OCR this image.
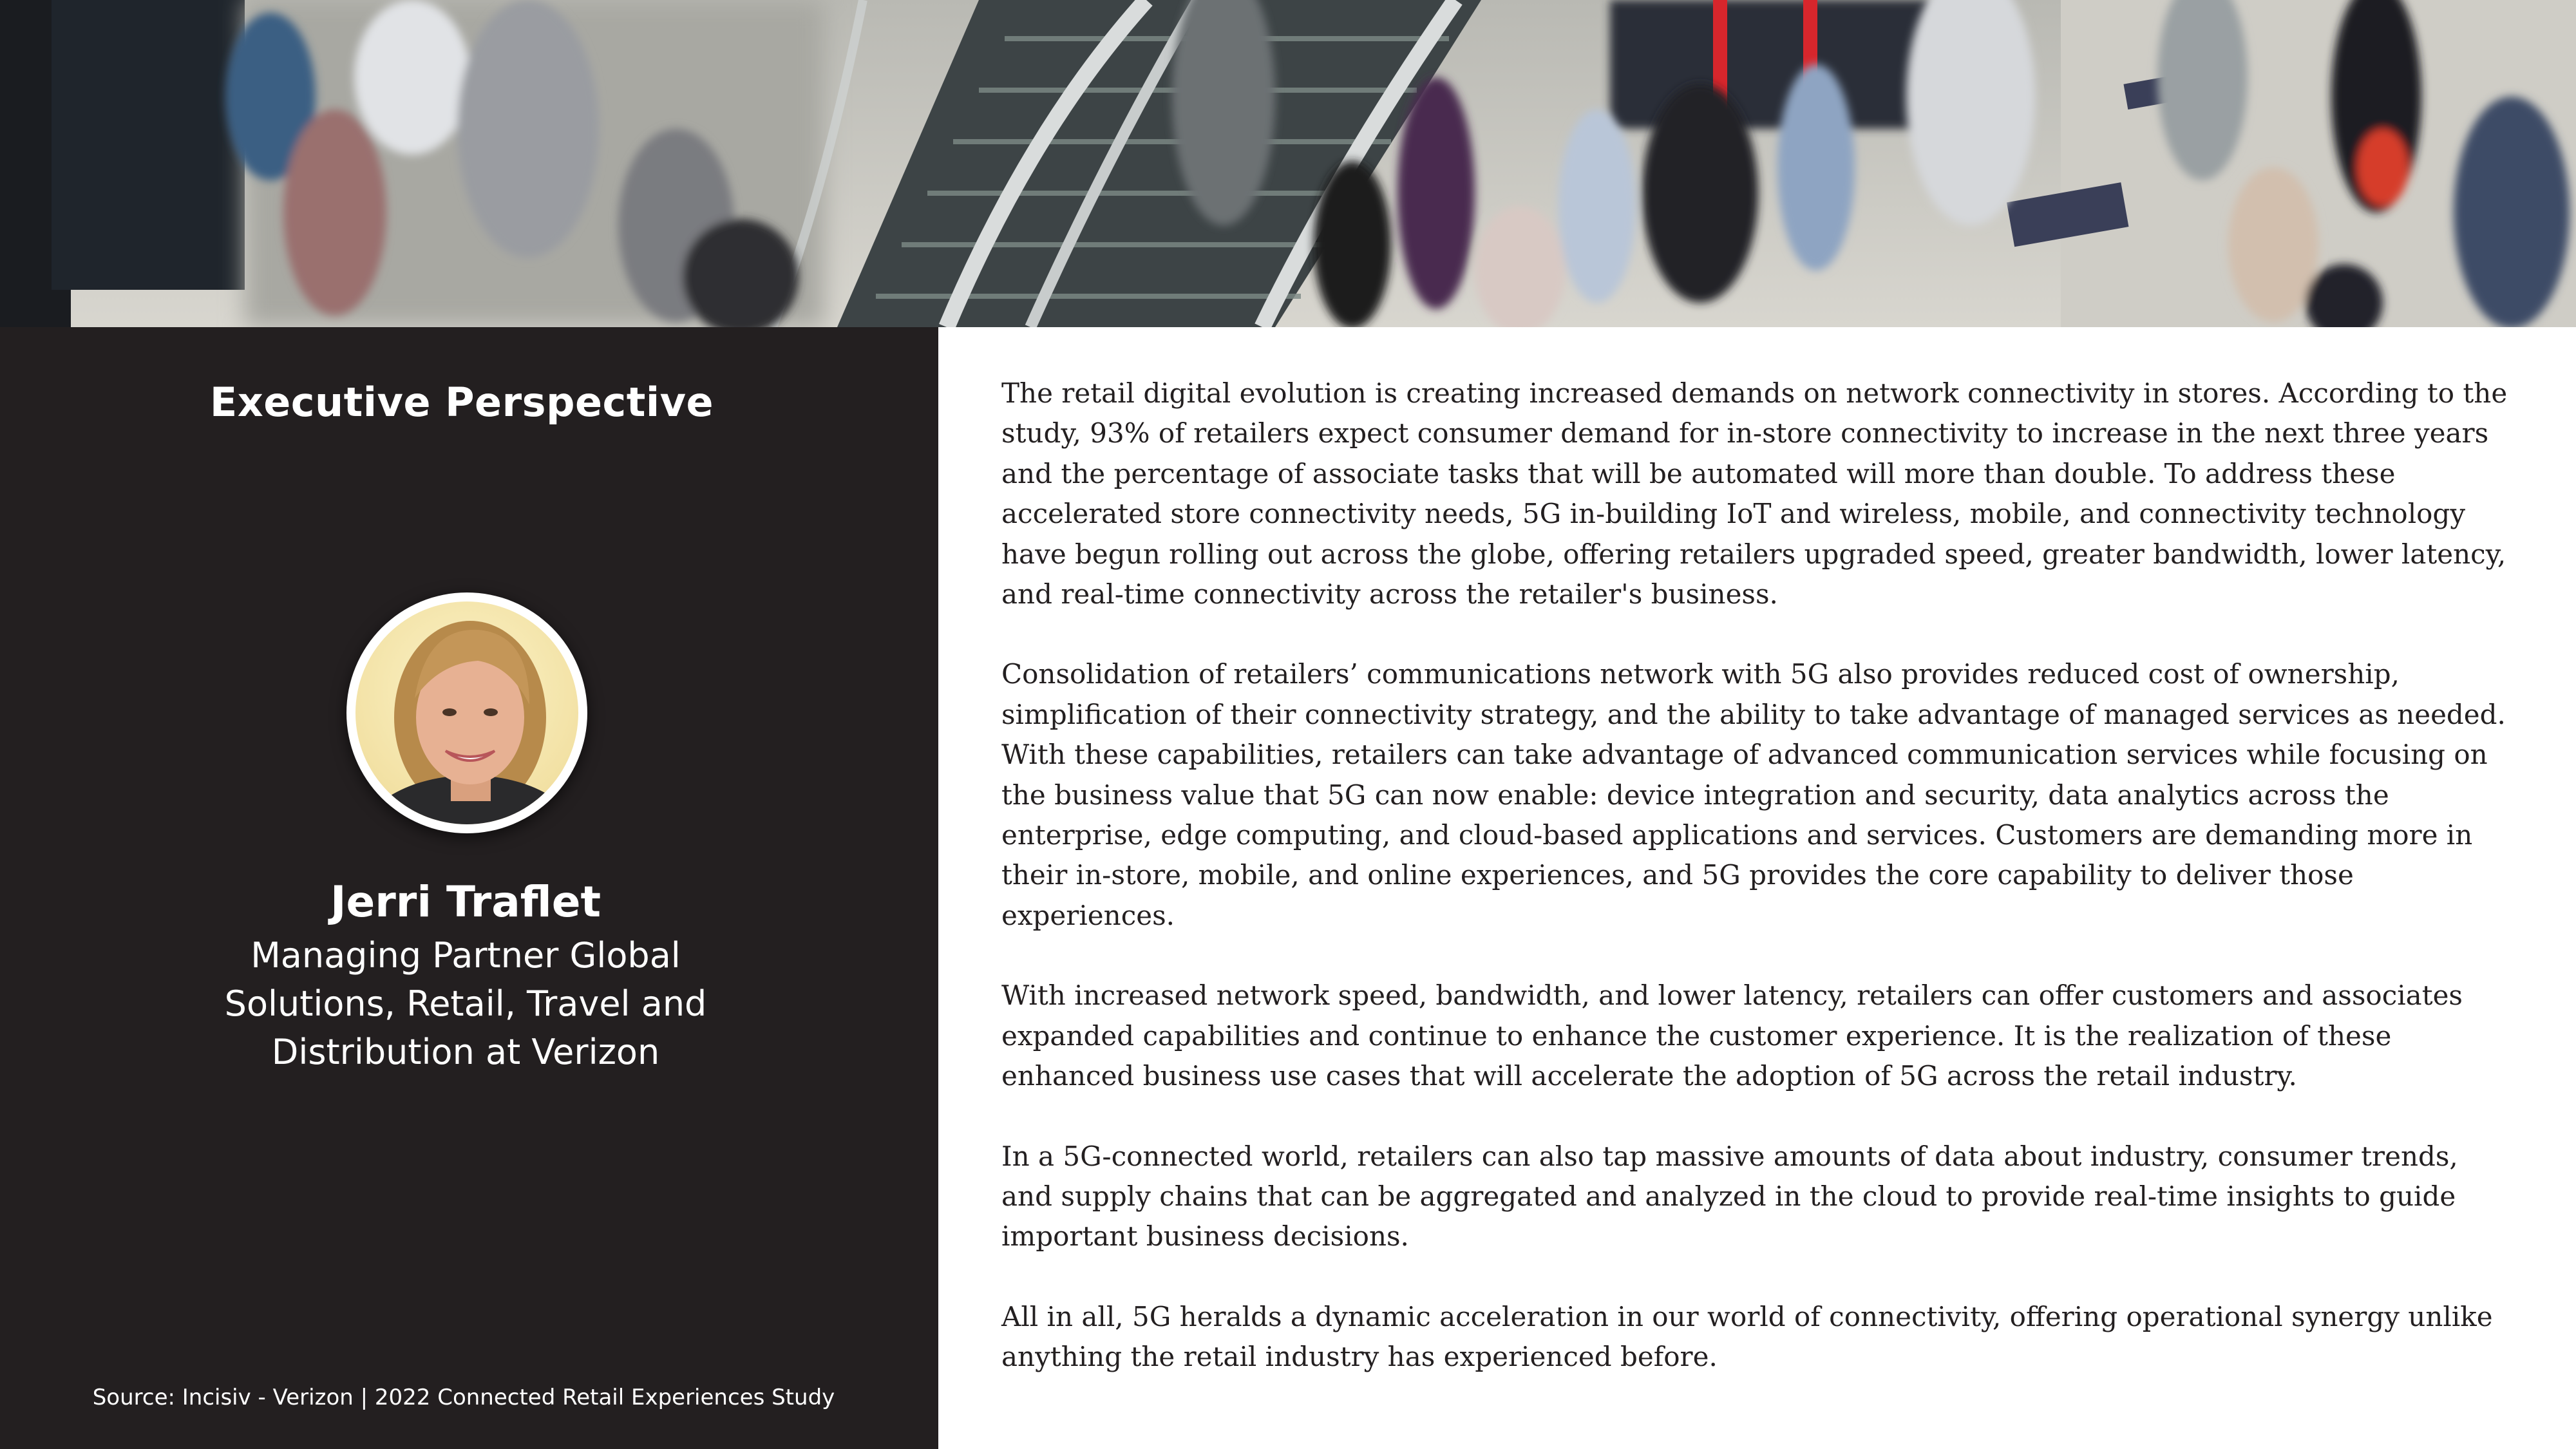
Executive Perspective
Jerri Traflet
Managing Partner Global
Solutions, Retail, Travel and
Distribution at Verizon
Source: Incisiv - Verizon | 2022 Connected Retail Experiences Study

The retail digital evolution is creating increased demands on network connectivity in stores. According to the study, 93% of retailers expect consumer demand for in-store connectivity to increase in the next three years and the percentage of associate tasks that will be automated will more than double. To address these accelerated store connectivity needs, 5G in-building IoT and wireless, mobile, and connectivity technology have begun rolling out across the globe, offering retailers upgraded speed, greater bandwidth, lower latency, and real-time connectivity across the retailer's business.

Consolidation of retailers’ communications network with 5G also provides reduced cost of ownership, simplification of their connectivity strategy, and the ability to take advantage of managed services as needed. With these capabilities, retailers can take advantage of advanced communication services while focusing on the business value that 5G can now enable: device integration and security, data analytics across the enterprise, edge computing, and cloud-based applications and services. Customers are demanding more in their in-store, mobile, and online experiences, and 5G provides the core capability to deliver those experiences.

With increased network speed, bandwidth, and lower latency, retailers can offer customers and associates expanded capabilities and continue to enhance the customer experience. It is the realization of these enhanced business use cases that will accelerate the adoption of 5G across the retail industry.

In a 5G-connected world, retailers can also tap massive amounts of data about industry, consumer trends, and supply chains that can be aggregated and analyzed in the cloud to provide real-time insights to guide important business decisions.

All in all, 5G heralds a dynamic acceleration in our world of connectivity, offering operational synergy unlike anything the retail industry has experienced before.
